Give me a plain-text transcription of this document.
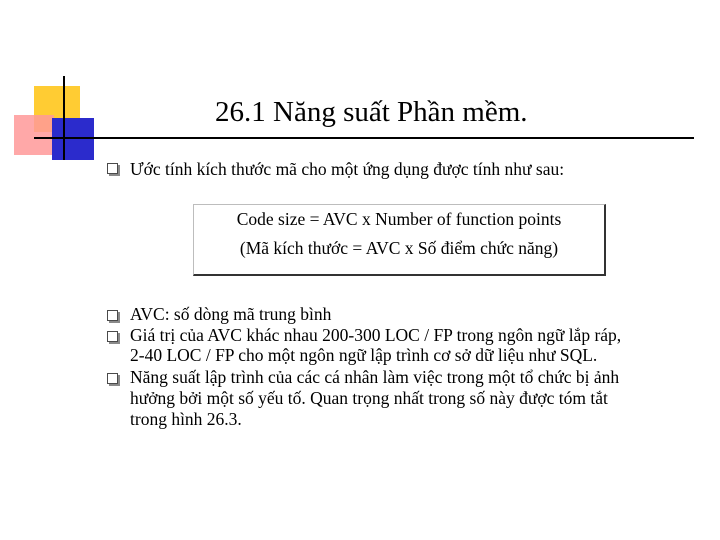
26.1 Năng suất Phần mềm.
Ước tính kích thước mã cho một ứng dụng được tính như sau:
Code size = AVC x Number of function points
(Mã kích thước = AVC x Số điểm chức năng)
AVC: số dòng mã trung bình
Giá trị của AVC khác nhau 200-300 LOC / FP trong ngôn ngữ lắp ráp,
2-40 LOC / FP cho một ngôn ngữ lập trình cơ sở dữ liệu như SQL.
Năng suất lập trình của các cá nhân làm việc trong một tổ chức bị ảnh
hưởng bởi một số yếu tố. Quan trọng nhất trong số này được tóm tắt
trong hình 26.3.
